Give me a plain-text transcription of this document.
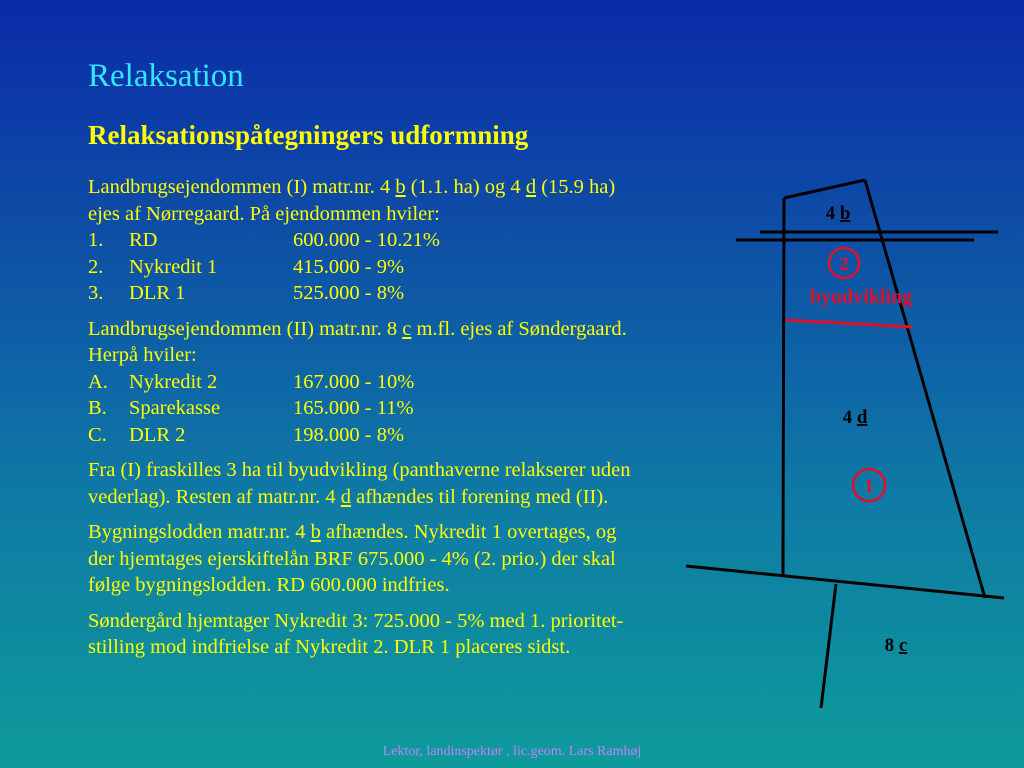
Relaksation
Relaksationspåtegningers udformning
Landbrugsejendommen (I) matr.nr. 4 b (1.1. ha) og 4 d (15.9 ha)
ejes af Nørregaard. På ejendommen hviler:
1.	RD	600.000 - 10.21%
2.	Nykredit 1	415.000 - 9%
3.	DLR 1	525.000 - 8%
Landbrugsejendommen (II) matr.nr. 8 c m.fl. ejes af Søndergaard.
Herpå hviler:
A.	Nykredit 2	167.000 - 10%
B.	Sparekasse	165.000 - 11%
C.	DLR 2	198.000 - 8%
Fra (I) fraskilles 3 ha til byudvikling (panthaverne relakserer uden
vederlag). Resten af matr.nr. 4 d afhændes til forening med (II).
Bygningslodden matr.nr. 4 b afhændes. Nykredit 1 overtages, og
der hjemtages ejerskiftelån BRF 675.000 - 4% (2. prio.) der skal
følge bygningslodden. RD 600.000 indfries.
Søndergård hjemtager Nykredit 3: 725.000 - 5% med 1. prioritet-
stilling mod indfrielse af Nykredit 2. DLR 1 placeres sidst.
4 b
4 d
8 c
2
byudvikling
1
Lektor, landinspektør , lic.geom. Lars Ramhøj
